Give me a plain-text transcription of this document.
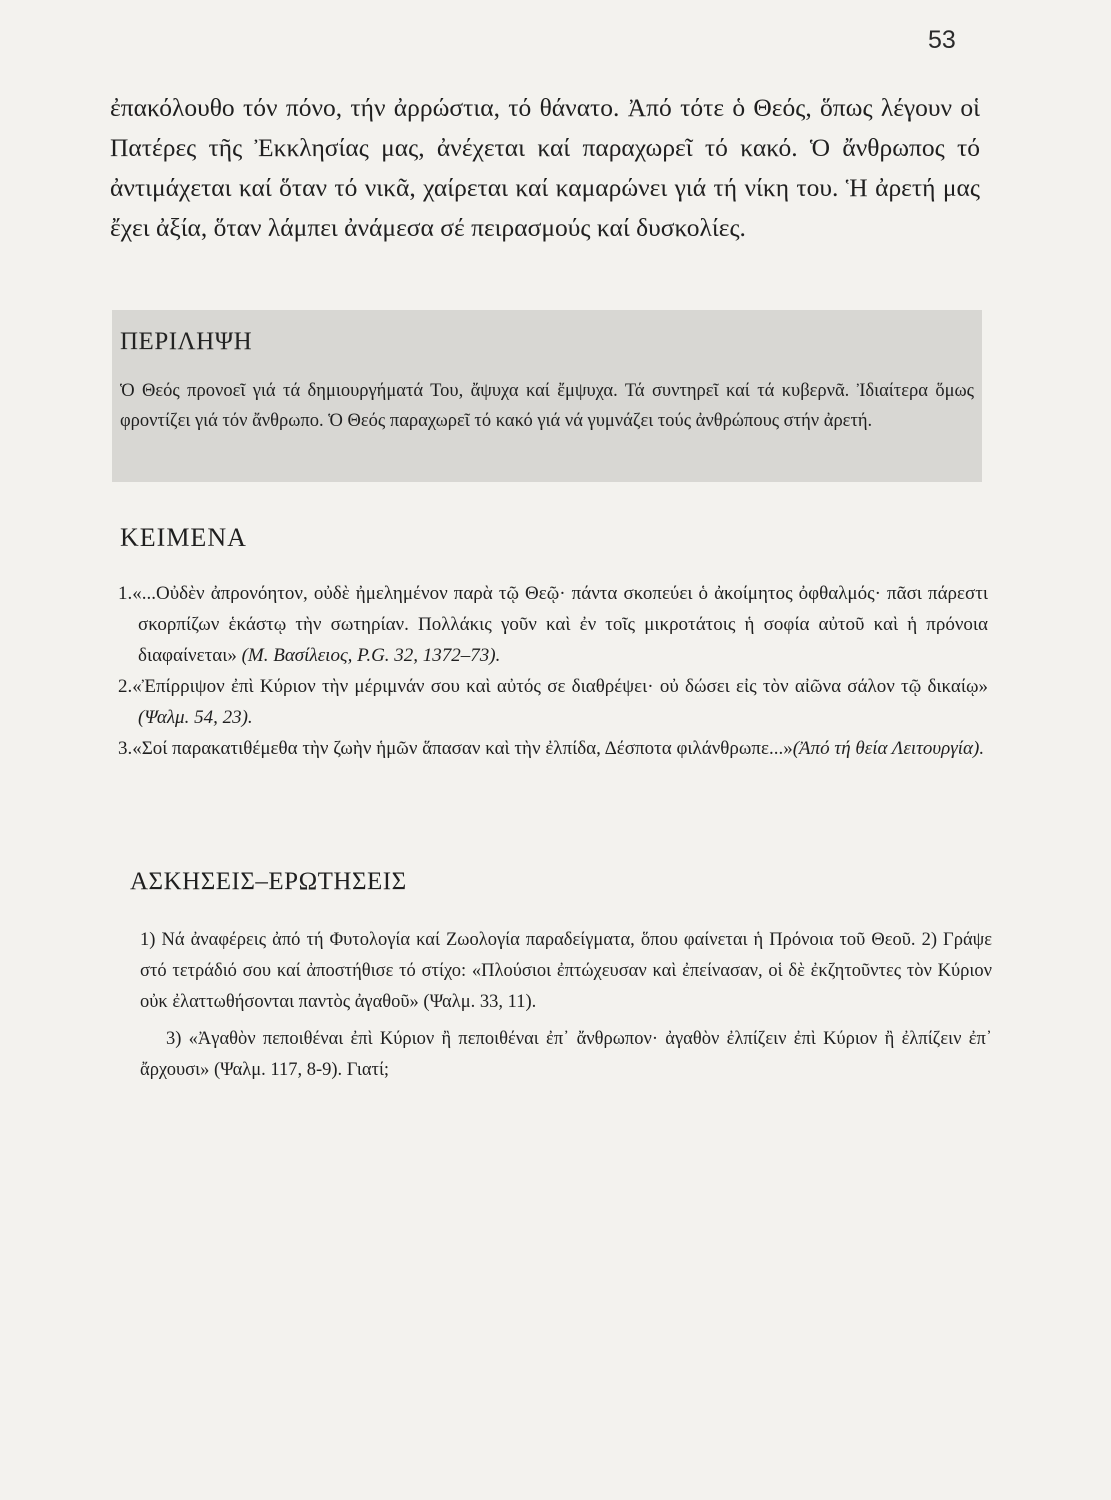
53

ἐπακόλουθο τόν πόνο, τήν ἀρρώστια, τό θάνατο. Ἀπό τότε ὁ Θεός, ὅπως λέγουν οἱ Πατέρες τῆς Ἐκκλησίας μας, ἀνέχεται καί παραχωρεῖ τό κακό. Ὁ ἄνθρωπος τό ἀντιμάχεται καί ὅταν τό νικᾶ, χαίρεται καί καμαρώνει γιά τή νίκη του. Ἡ ἀρετή μας ἔχει ἀξία, ὅταν λάμπει ἀνάμεσα σέ πειρασμούς καί δυσκολίες.

ΠΕΡΙΛΗΨΗ

Ὁ Θεός προνοεῖ γιά τά δημιουργήματά Του, ἄψυχα καί ἔμψυχα. Τά συντηρεῖ καί τά κυβερνᾶ. Ἰδιαίτερα ὅμως φροντίζει γιά τόν ἄνθρωπο. Ὁ Θεός παραχωρεῖ τό κακό γιά νά γυμνάζει τούς ἀνθρώπους στήν ἀρετή.

ΚΕΙΜΕΝΑ
1.«...Οὐδὲν ἀπρονόητον, οὐδὲ ἠμελημένον παρὰ τῷ Θεῷ· πάντα σκοπεύει ὁ ἀκοίμητος ὀφθαλμός· πᾶσι πάρεστι σκορπίζων ἑκάστῳ τὴν σωτηρίαν. Πολλάκις γοῦν καὶ ἐν τοῖς μικροτάτοις ἡ σοφία αὐτοῦ καὶ ἡ πρόνοια διαφαίνεται» (Μ. Βασίλειος, P.G. 32, 1372–73).
2.«Ἐπίρριψον ἐπὶ Κύριον τὴν μέριμνάν σου καὶ αὐτός σε διαθρέψει· οὐ δώσει εἰς τὸν αἰῶνα σάλον τῷ δικαίῳ» (Ψαλμ. 54, 23).
3.«Σοί παρακατιθέμεθα τὴν ζωὴν ἡμῶν ἅπασαν καὶ τὴν ἐλπίδα, Δέσποτα φιλάνθρωπε...»(Ἀπό τή θεία Λειτουργία).
ΑΣΚΗΣΕΙΣ–ΕΡΩΤΗΣΕΙΣ

1) Νά ἀναφέρεις ἀπό τή Φυτολογία καί Ζωολογία παραδείγματα, ὅπου φαίνεται ἡ Πρόνοια τοῦ Θεοῦ. 2) Γράψε στό τετράδιό σου καί ἀποστήθισε τό στίχο: «Πλούσιοι ἐπτώχευσαν καὶ ἐπείνασαν, οἱ δὲ ἐκζητοῦντες τὸν Κύριον οὐκ ἐλαττωθήσονται παντὸς ἀγαθοῦ» (Ψαλμ. 33, 11).

3) «Ἀγαθὸν πεποιθέναι ἐπὶ Κύριον ἢ πεποιθέναι ἐπ᾽ ἄνθρωπον· ἀγαθὸν ἐλπίζειν ἐπὶ Κύριον ἢ ἐλπίζειν ἐπ᾽ ἄρχουσι» (Ψαλμ. 117, 8-9). Γιατί;
